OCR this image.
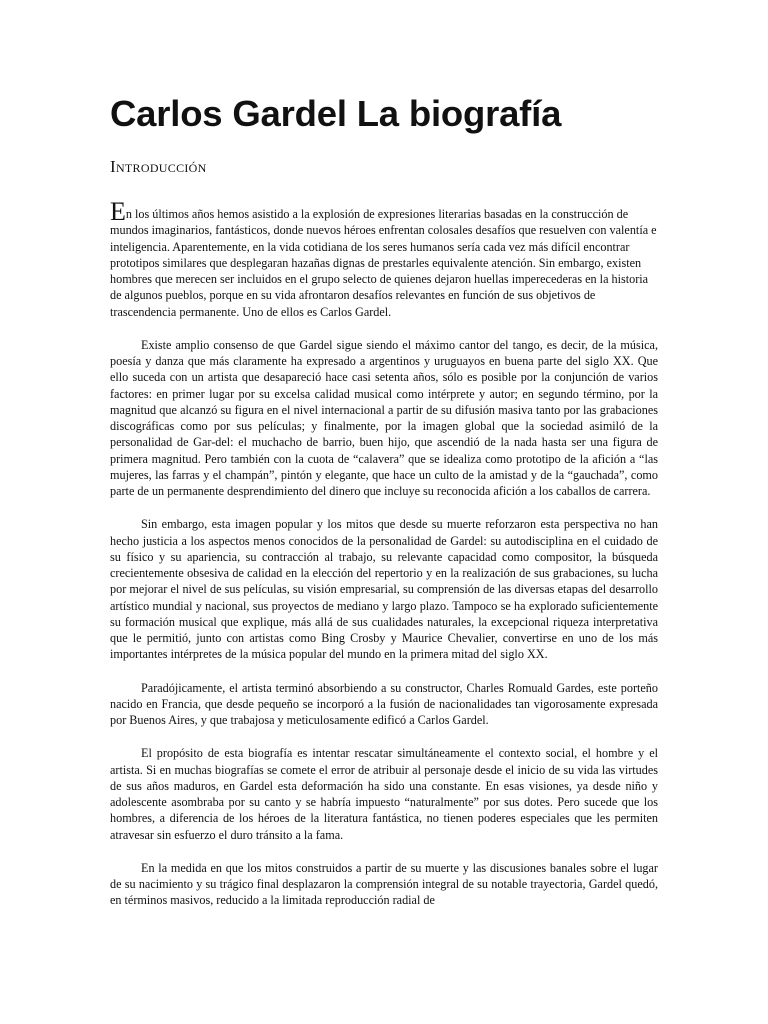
Carlos Gardel La biografía
Introducción

En los últimos años hemos asistido a la explosión de expresiones literarias basadas en la construcción de mundos imaginarios, fantásticos, donde nuevos héroes enfrentan colosales desafíos que resuelven con valentía e inteligencia. Aparentemente, en la vida cotidiana de los seres humanos sería cada vez más difícil encontrar prototipos similares que desplegaran hazañas dignas de prestarles equivalente atención. Sin embargo, existen hombres que merecen ser incluidos en el grupo selecto de quienes dejaron huellas imperecederas en la historia de algunos pueblos, porque en su vida afrontaron desafíos relevantes en función de sus objetivos de trascendencia permanente. Uno de ellos es Carlos Gardel.

Existe amplio consenso de que Gardel sigue siendo el máximo cantor del tango, es decir, de la música, poesía y danza que más claramente ha expresado a argentinos y uruguayos en buena parte del siglo XX. Que ello suceda con un artista que desapareció hace casi setenta años, sólo es posible por la conjunción de varios factores: en primer lugar por su excelsa calidad musical como intérprete y autor; en segundo término, por la magnitud que alcanzó su figura en el nivel internacional a partir de su difusión masiva tanto por las grabaciones discográficas como por sus películas; y finalmente, por la imagen global que la sociedad asimiló de la personalidad de Gar-del: el muchacho de barrio, buen hijo, que ascendió de la nada hasta ser una figura de primera magnitud. Pero también con la cuota de “calavera” que se idealiza como prototipo de la afición a “las mujeres, las farras y el champán”, pintón y elegante, que hace un culto de la amistad y de la “gauchada”, como parte de un permanente desprendimiento del dinero que incluye su reconocida afición a los caballos de carrera.

Sin embargo, esta imagen popular y los mitos que desde su muerte reforzaron esta perspectiva no han hecho justicia a los aspectos menos conocidos de la personalidad de Gardel: su autodisciplina en el cuidado de su físico y su apariencia, su contracción al trabajo, su relevante capacidad como compositor, la búsqueda crecientemente obsesiva de calidad en la elección del repertorio y en la realización de sus grabaciones, su lucha por mejorar el nivel de sus películas, su visión empresarial, su comprensión de las diversas etapas del desarrollo artístico mundial y nacional, sus proyectos de mediano y largo plazo. Tampoco se ha explorado suficientemente su formación musical que explique, más allá de sus cualidades naturales, la excepcional riqueza interpretativa que le permitió, junto con artistas como Bing Crosby y Maurice Chevalier, convertirse en uno de los más importantes intérpretes de la música popular del mundo en la primera mitad del siglo XX.

Paradójicamente, el artista terminó absorbiendo a su constructor, Charles Romuald Gardes, este porteño nacido en Francia, que desde pequeño se incorporó a la fusión de nacionalidades tan vigorosamente expresada por Buenos Aires, y que trabajosa y meticulosamente edificó a Carlos Gardel.

El propósito de esta biografía es intentar rescatar simultáneamente el contexto social, el hombre y el artista. Si en muchas biografías se comete el error de atribuir al personaje desde el inicio de su vida las virtudes de sus años maduros, en Gardel esta deformación ha sido una constante. En esas visiones, ya desde niño y adolescente asombraba por su canto y se habría impuesto “naturalmente” por sus dotes. Pero sucede que los hombres, a diferencia de los héroes de la literatura fantástica, no tienen poderes especiales que les permiten atravesar sin esfuerzo el duro tránsito a la fama.

En la medida en que los mitos construidos a partir de su muerte y las discusiones banales sobre el lugar de su nacimiento y su trágico final desplazaron la comprensión integral de su notable trayectoria, Gardel quedó, en términos masivos, reducido a la limitada reproducción radial de
